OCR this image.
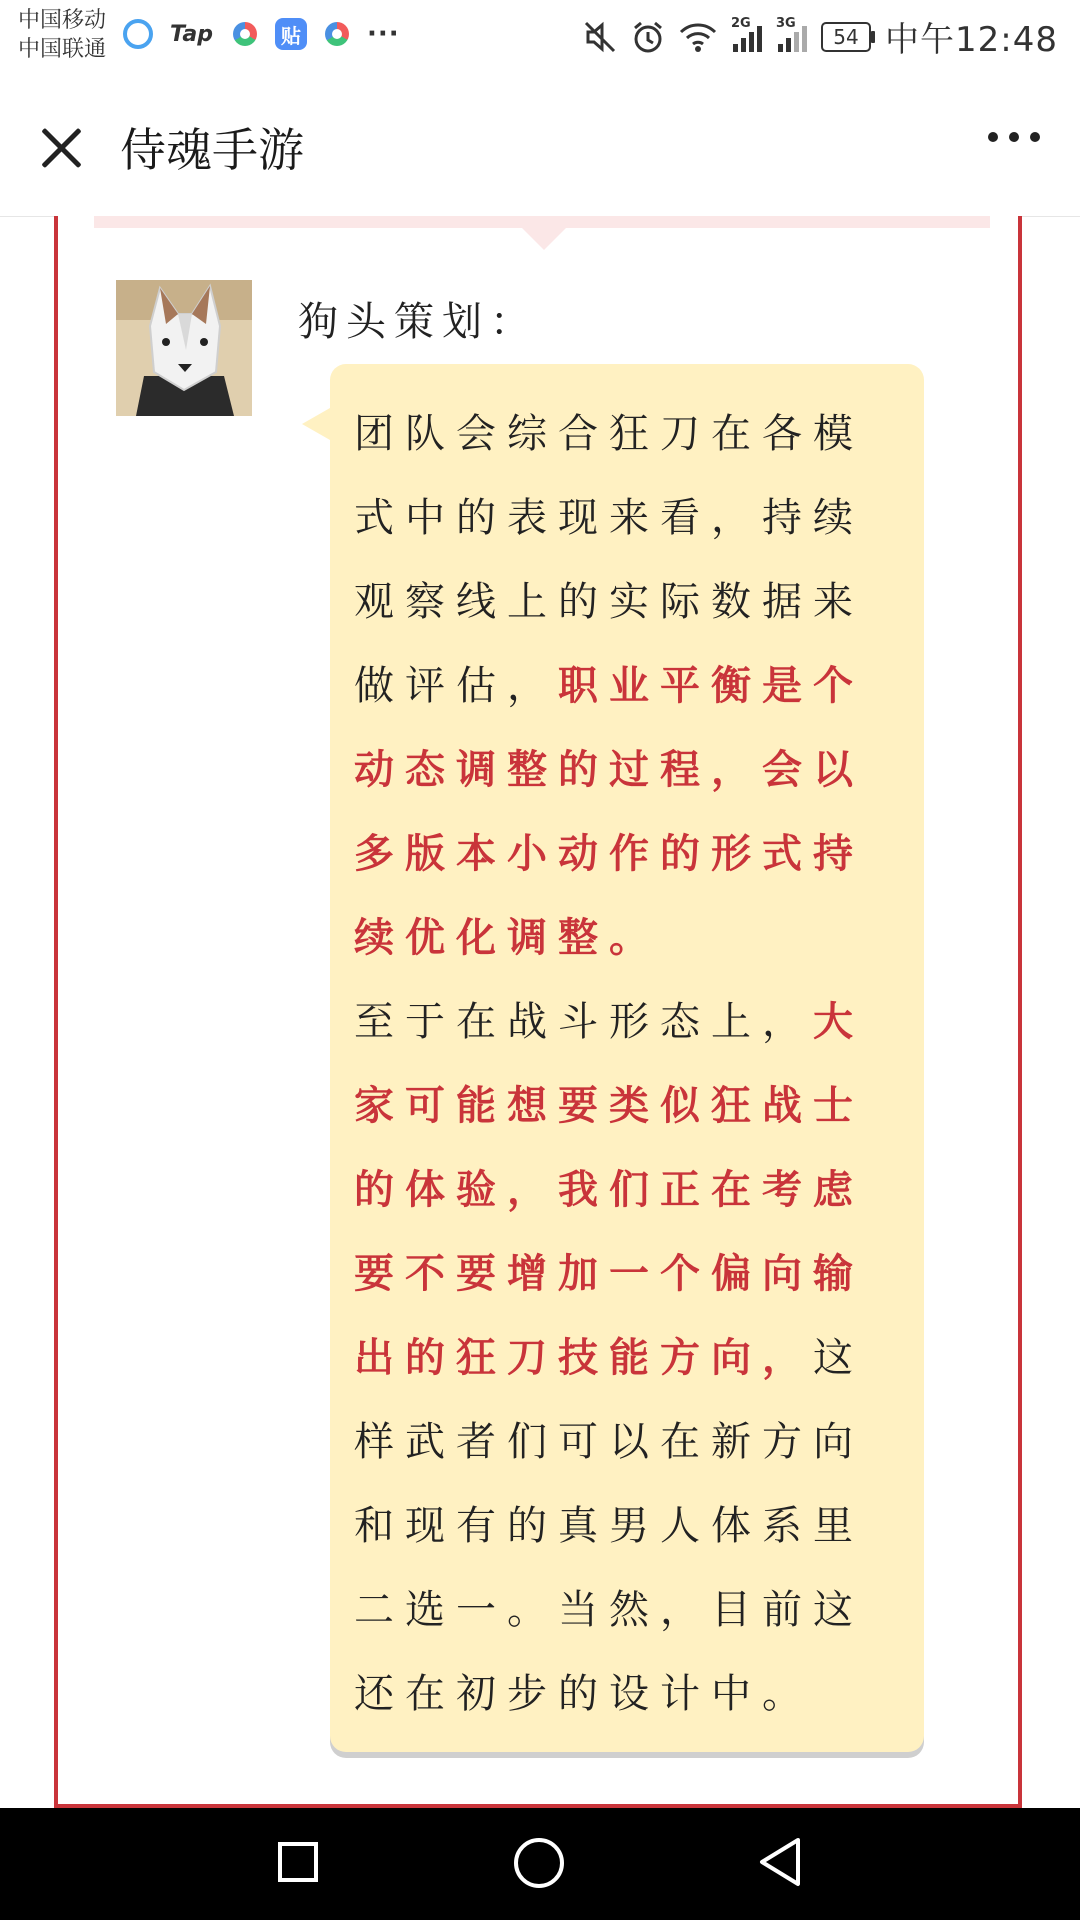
中国移动
中国联通
Tap	贴	···	2G 3G
54 中午12:48
侍魂手游
狗头策划：
团队会综合狂刀在各模式中的表现来看，持续观察线上的实际数据来做评估，职业平衡是个动态调整的过程，会以多版本小动作的形式持续优化调整。
至于在战斗形态上，大家可能想要类似狂战士的体验，我们正在考虑要不要增加一个偏向输出的狂刀技能方向，这样武者们可以在新方向和现有的真男人体系里二选一。当然，目前这还在初步的设计中。
